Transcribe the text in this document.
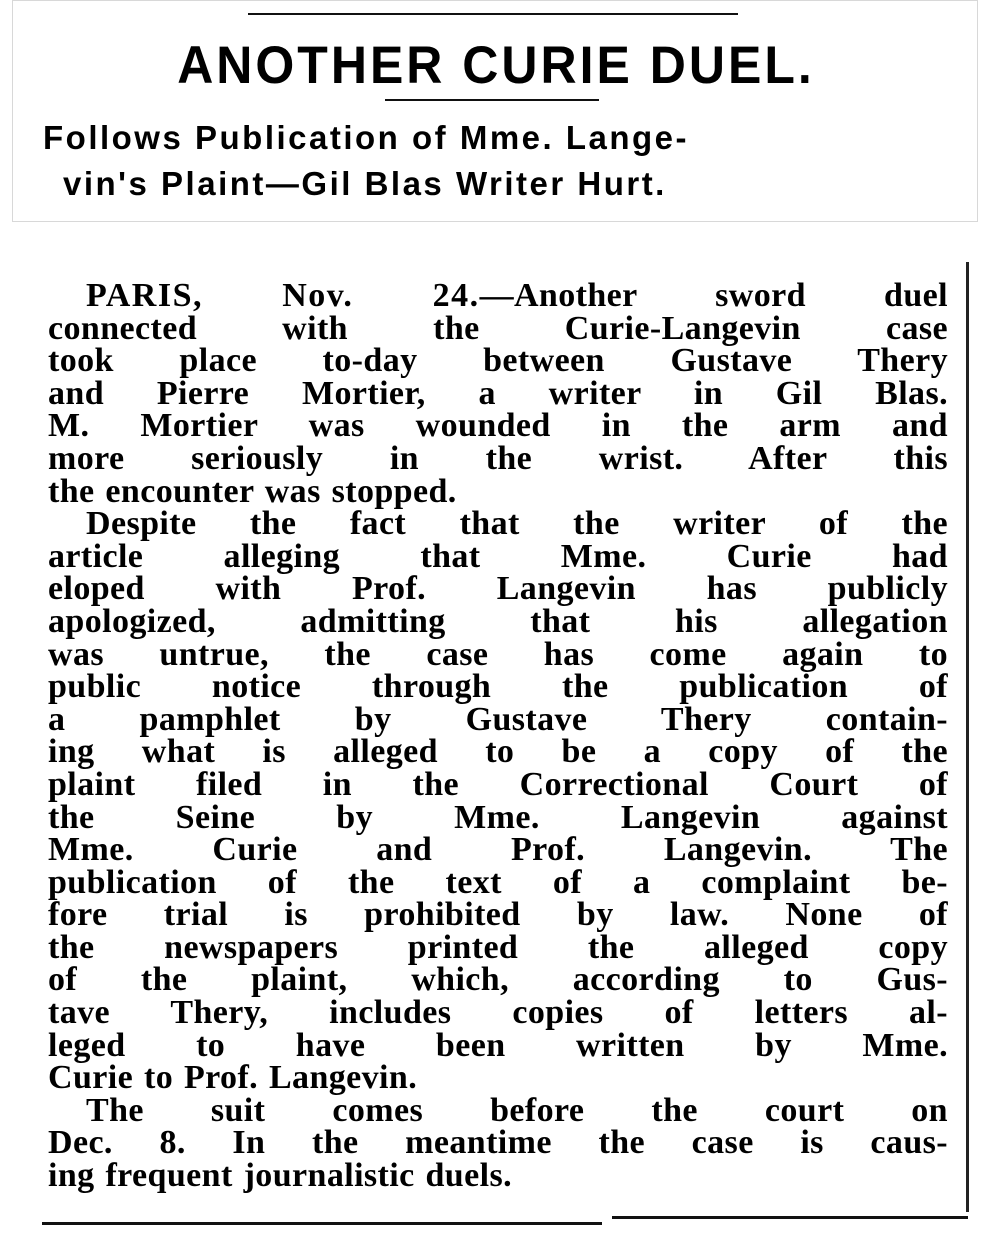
ANOTHER CURIE DUEL.
Follows Publication of Mme. Lange-
vin's Plaint—Gil Blas Writer Hurt.
PARIS, Nov. 24.—Another sword duel
connected with the Curie-Langevin case
took place to-day between Gustave Thery
and Pierre Mortier, a writer in Gil Blas.
M. Mortier was wounded in the arm and
more seriously in the wrist. After this
the encounter was stopped.
Despite the fact that the writer of the
article alleging that Mme. Curie had
eloped with Prof. Langevin has publicly
apologized, admitting that his allegation
was untrue, the case has come again to
public notice through the publication of
a pamphlet by Gustave Thery contain-
ing what is alleged to be a copy of the
plaint filed in the Correctional Court of
the Seine by Mme. Langevin against
Mme. Curie and Prof. Langevin. The
publication of the text of a complaint be-
fore trial is prohibited by law. None of
the newspapers printed the alleged copy
of the plaint, which, according to Gus-
tave Thery, includes copies of letters al-
leged to have been written by Mme.
Curie to Prof. Langevin.
The suit comes before the court on
Dec. 8. In the meantime the case is caus-
ing frequent journalistic duels.
